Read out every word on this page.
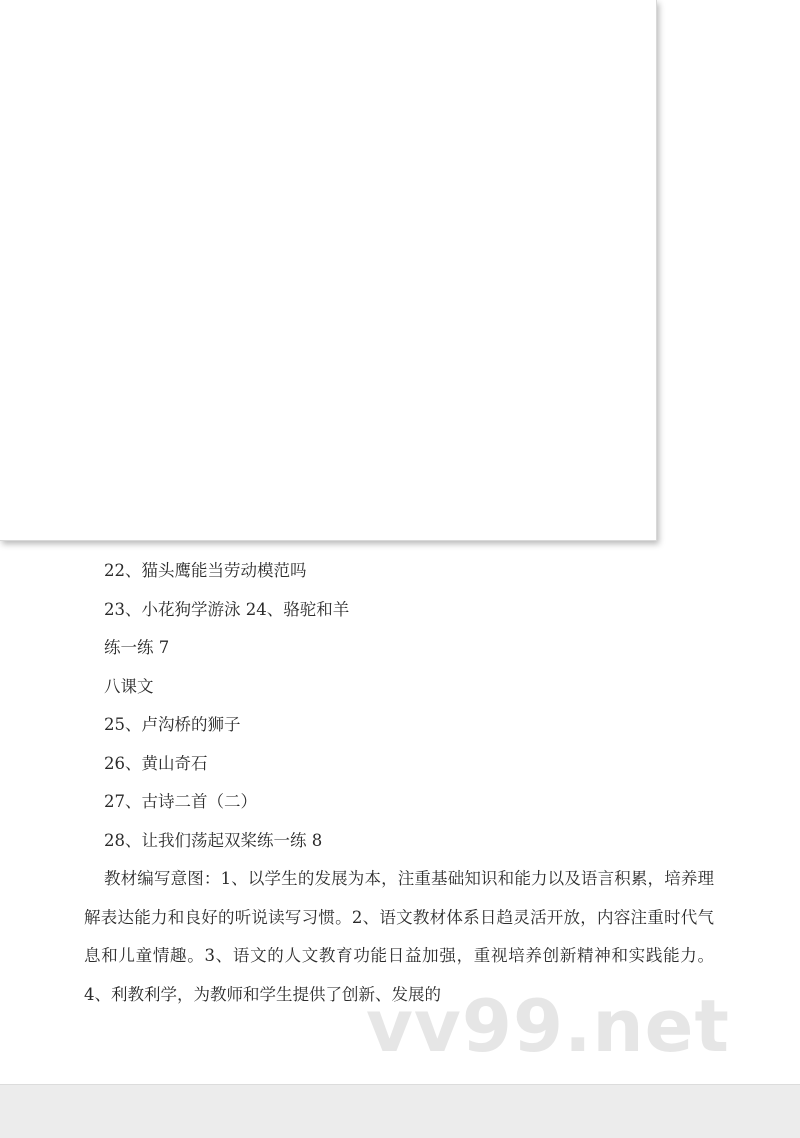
22、猫头鹰能当劳动模范吗
23、小花狗学游泳 24、骆驼和羊
练一练 7
八课文
25、卢沟桥的狮子
26、黄山奇石
27、古诗二首（二）
28、让我们荡起双桨练一练 8

教材编写意图：1、以学生的发展为本，注重基础知识和能力以及语言积累，培养理解表达能力和良好的听说读写习惯。2、语文教材体系日趋灵活开放，内容注重时代气息和儿童情趣。3、语文的人文教育功能日益加强，重视培养创新精神和实践能力。4、利教利学，为教师和学生提供了创新、发展的

vv99.net
